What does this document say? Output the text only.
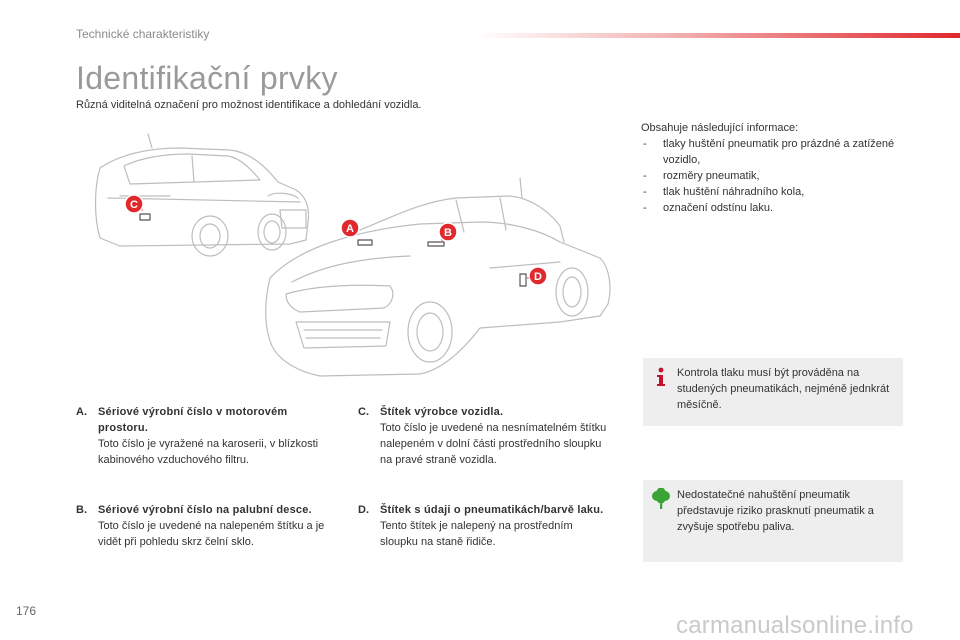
Technické charakteristiky
Identifikační prvky
Různá viditelná označení pro možnost identifikace a dohledání vozidla.
C
A	B
D
Obsahuje následující informace:
- tlaky huštění pneumatik pro prázdné a zatížené vozidlo,
- rozměry pneumatik,
- tlak huštění náhradního kola,
- označení odstínu laku.
Kontrola tlaku musí být prováděna na studených pneumatikách, nejméně jednkrát měsíčně.
Nedostatečné nahuštění pneumatik představuje riziko prasknutí pneumatik a zvyšuje spotřebu paliva.
A. Sériové výrobní číslo v motorovém prostoru.
Toto číslo je vyražené na karoserii, v blízkosti kabinového vzduchového filtru.
B. Sériové výrobní číslo na palubní desce.
Toto číslo je uvedené na nalepeném štítku a je vidět při pohledu skrz čelní sklo.
C. Štítek výrobce vozidla.
Toto číslo je uvedené na nesnímatelném štítku nalepeném v dolní části prostředního sloupku na pravé straně vozidla.
D. Štítek s údaji o pneumatikách/barvě laku.
Tento štítek je nalepený na prostředním sloupku na staně řidiče.
176
carmanualsonline.info
